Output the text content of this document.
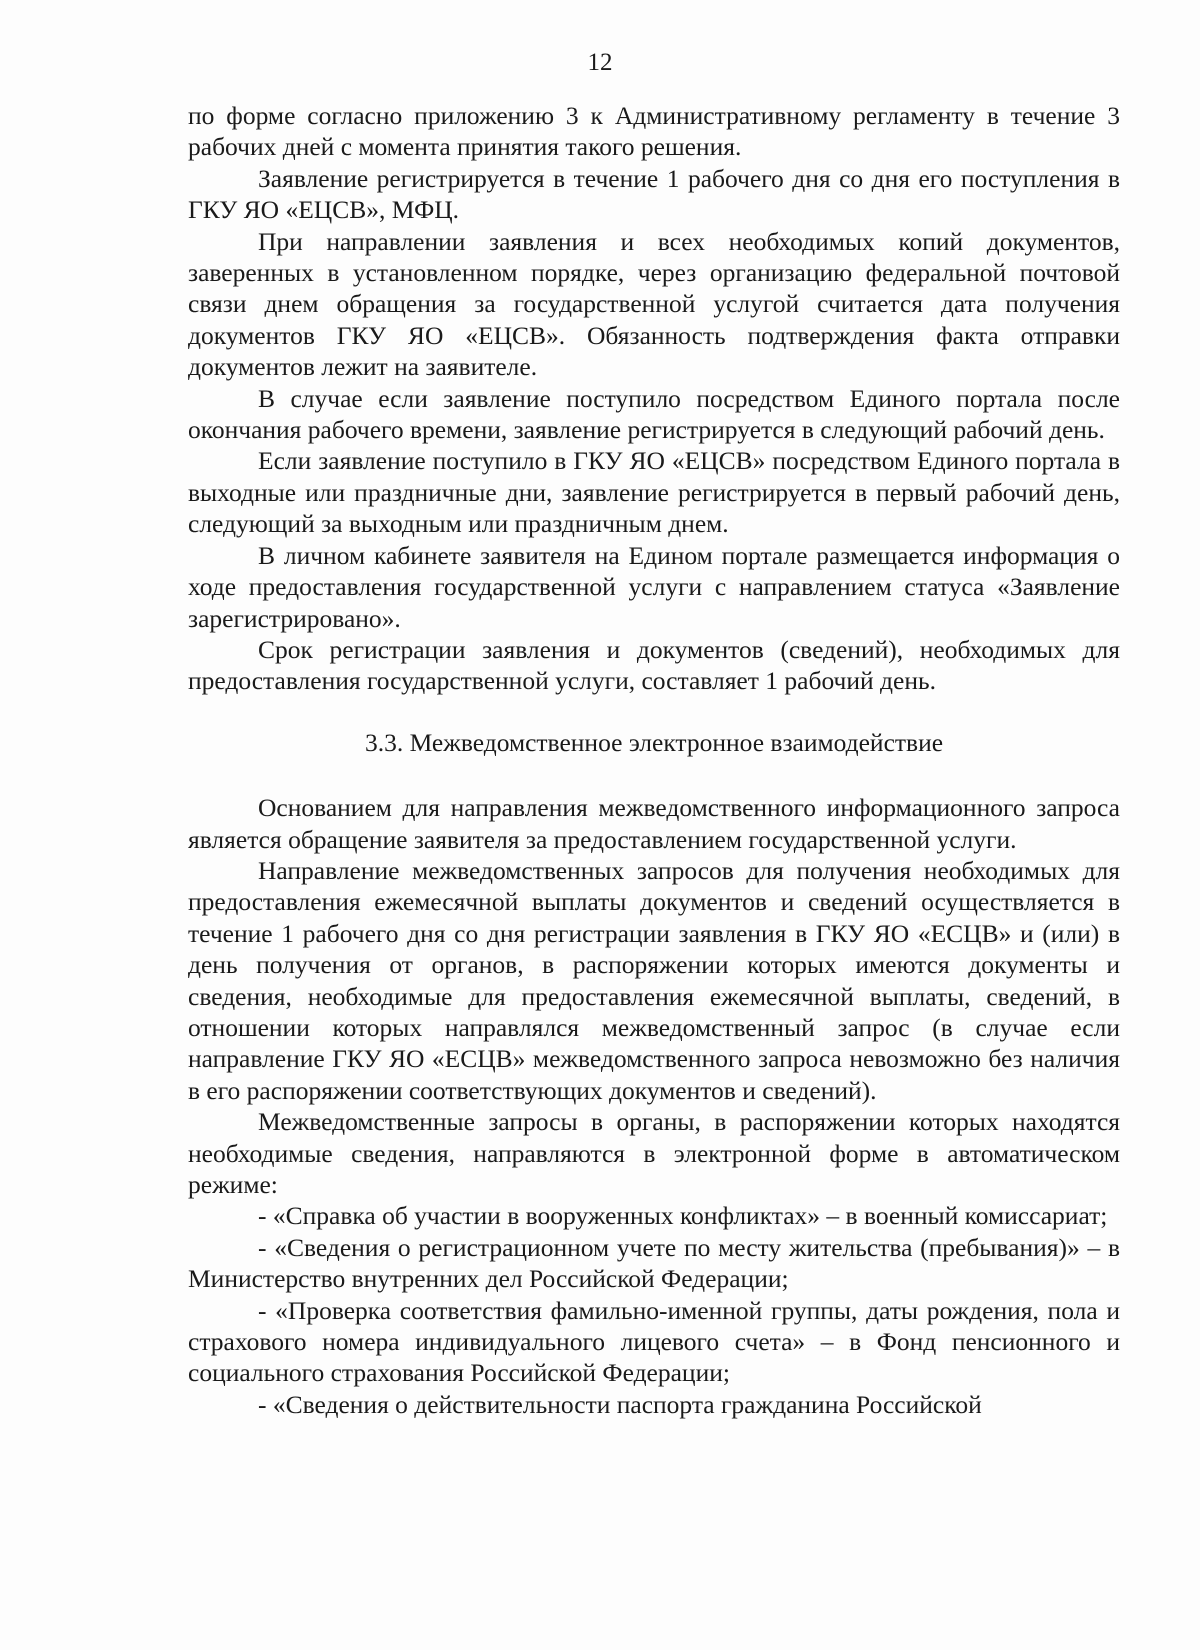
12

по форме согласно приложению 3 к Административному регламенту в течение 3 рабочих дней с момента принятия такого решения.

Заявление регистрируется в течение 1 рабочего дня со дня его поступления в ГКУ ЯО «ЕЦСВ», МФЦ.

При направлении заявления и всех необходимых копий документов, заверенных в установленном порядке, через организацию федеральной почтовой связи днем обращения за государственной услугой считается дата получения документов ГКУ ЯО «ЕЦСВ». Обязанность подтверждения факта отправки документов лежит на заявителе.

В случае если заявление поступило посредством Единого портала после окончания рабочего времени, заявление регистрируется в следующий рабочий день.

Если заявление поступило в ГКУ ЯО «ЕЦСВ» посредством Единого портала в выходные или праздничные дни, заявление регистрируется в первый рабочий день, следующий за выходным или праздничным днем.

В личном кабинете заявителя на Едином портале размещается информация о ходе предоставления государственной услуги с направлением статуса «Заявление зарегистрировано».

Срок регистрации заявления и документов (сведений), необходимых для предоставления государственной услуги, составляет 1 рабочий день.

3.3. Межведомственное электронное взаимодействие

Основанием для направления межведомственного информационного запроса является обращение заявителя за предоставлением государственной услуги.

Направление межведомственных запросов для получения необходимых для предоставления ежемесячной выплаты документов и сведений осуществляется в течение 1 рабочего дня со дня регистрации заявления в ГКУ ЯО «ЕСЦВ» и (или) в день получения от органов, в распоряжении которых имеются документы и сведения, необходимые для предоставления ежемесячной выплаты, сведений, в отношении которых направлялся межведомственный запрос (в случае если направление ГКУ ЯО «ЕСЦВ» межведомственного запроса невозможно без наличия в его распоряжении соответствующих документов и сведений).

Межведомственные запросы в органы, в распоряжении которых находятся необходимые сведения, направляются в электронной форме в автоматическом режиме:

- «Справка об участии в вооруженных конфликтах» – в военный комиссариат;

- «Сведения о регистрационном учете по месту жительства (пребывания)» – в Министерство внутренних дел Российской Федерации;

- «Проверка соответствия фамильно-именной группы, даты рождения, пола и страхового номера индивидуального лицевого счета» – в Фонд пенсионного и социального страхования Российской Федерации;

- «Сведения о действительности паспорта гражданина Российской
